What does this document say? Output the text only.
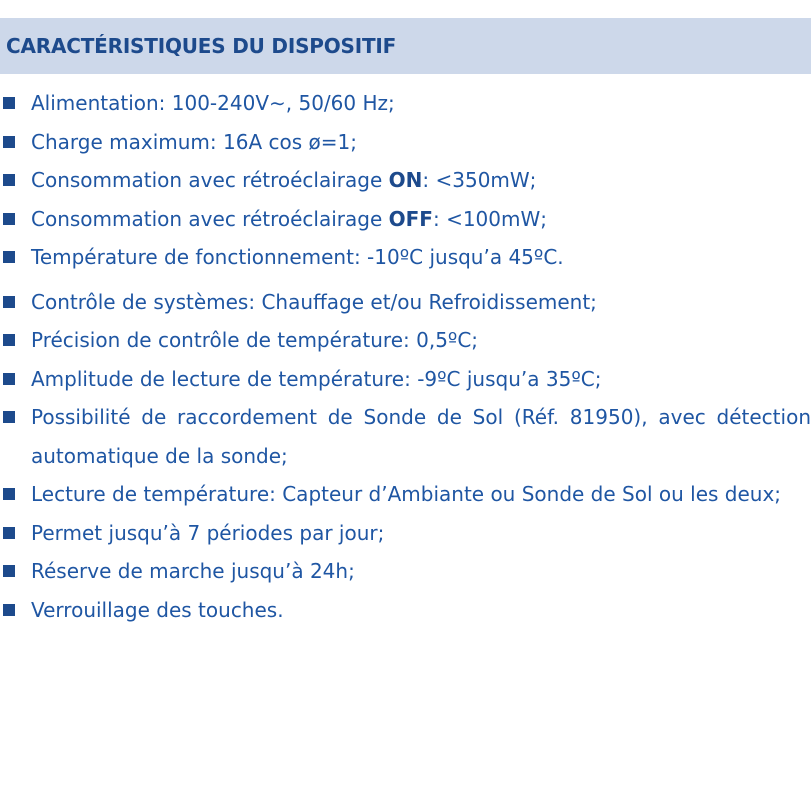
CARACTÉRISTIQUES DU DISPOSITIF
Alimentation: 100-240V∼, 50/60 Hz;
Charge maximum: 16A cos ø=1;
Consommation avec rétroéclairage ON: <350mW;
Consommation avec rétroéclairage OFF: <100mW;
Température de fonctionnement: -10ºC jusqu’a 45ºC.
Contrôle de systèmes: Chauffage et/ou Refroidissement;
Précision de contrôle de température: 0,5ºC;
Amplitude de lecture de température: -9ºC jusqu’a 35ºC;
Possibilité de raccordement de Sonde de Sol (Réf. 81950), avec détection automatique de la sonde;
Lecture de température: Capteur d’Ambiante ou Sonde de Sol ou les deux;
Permet jusqu’à 7 périodes par jour;
Réserve de marche jusqu’à 24h;
Verrouillage des touches.
